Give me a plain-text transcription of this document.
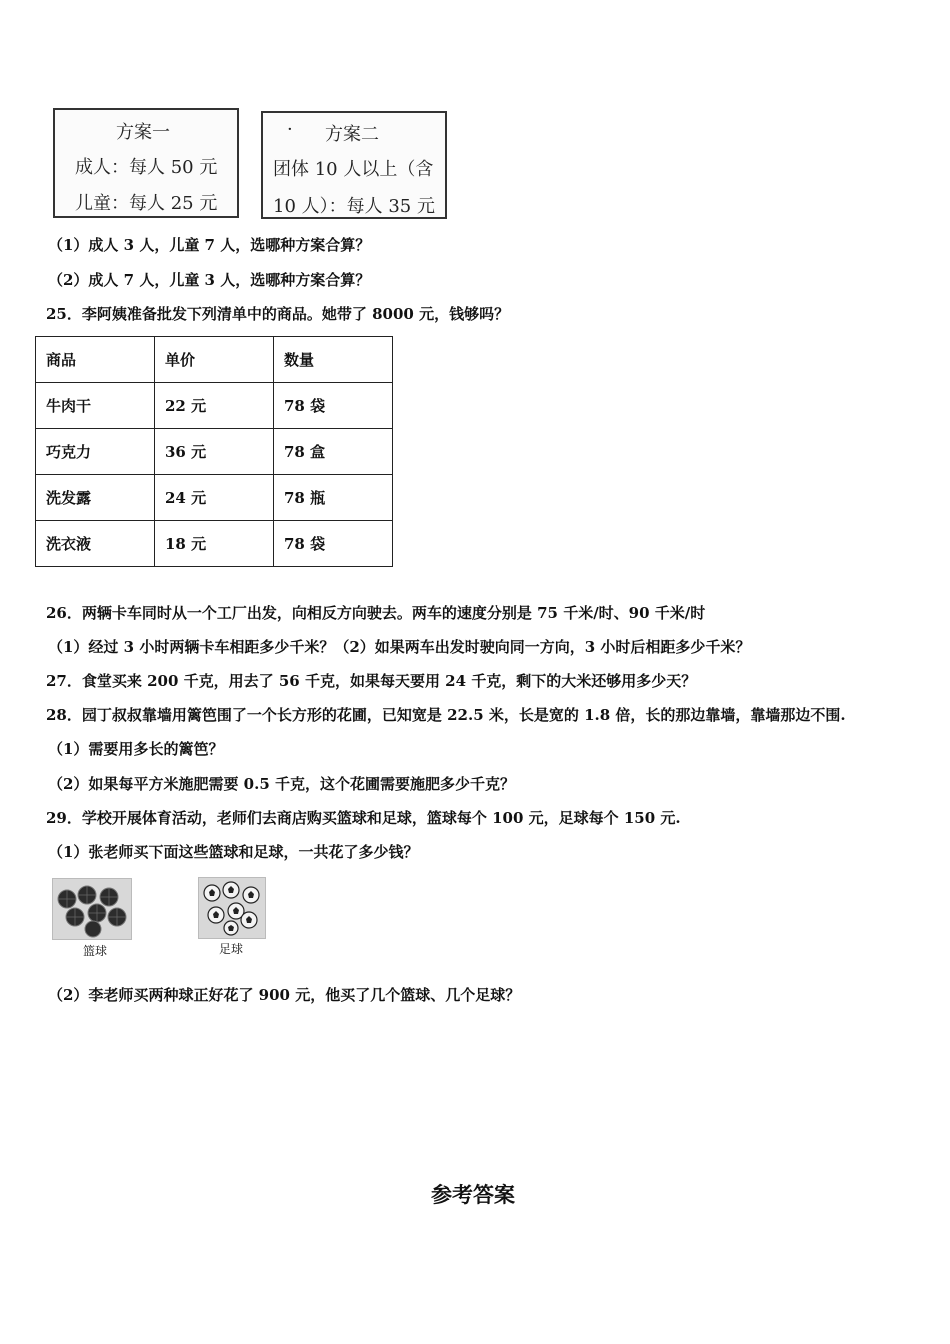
方案一
成人：每人 50 元
儿童：每人 25 元
· 方案二
团体 10 人以上（含
10 人）：每人 35 元
（1）成人 3 人，儿童 7 人，选哪种方案合算？
（2）成人 7 人，儿童 3 人，选哪种方案合算？
25．李阿姨准备批发下列清单中的商品。她带了 8000 元，钱够吗？
商品	单价	数量
牛肉干	22 元	78 袋
巧克力	36 元	78 盒
洗发露	24 元	78 瓶
洗衣液	18 元	78 袋
26．两辆卡车同时从一个工厂出发，向相反方向驶去。两车的速度分别是 75 千米/时、90 千米/时
（1）经过 3 小时两辆卡车相距多少千米？（2）如果两车出发时驶向同一方向，3 小时后相距多少千米？
27．食堂买来 200 千克，用去了 56 千克，如果每天要用 24 千克，剩下的大米还够用多少天？
28．园丁叔叔靠墙用篱笆围了一个长方形的花圃，已知宽是 22.5 米，长是宽的 1.8 倍，长的那边靠墙，靠墙那边不围.
（1）需要用多长的篱笆？
（2）如果每平方米施肥需要 0.5 千克，这个花圃需要施肥多少千克？
29．学校开展体育活动，老师们去商店购买篮球和足球，篮球每个 100 元，足球每个 150 元.
（1）张老师买下面这些篮球和足球，一共花了多少钱？
篮球	足球
（2）李老师买两种球正好花了 900 元，他买了几个篮球、几个足球？
参考答案
